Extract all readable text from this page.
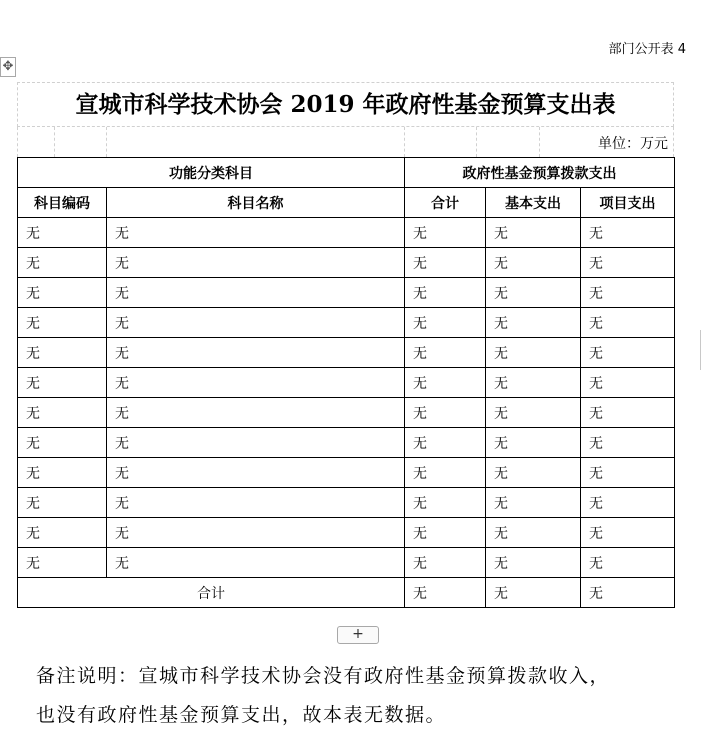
部门公开表 4
✥
宣城市科学技术协会 2019 年政府性基金预算支出表
单位：万元
功能分类科目		政府性基金预算拨款支出		
科目编码	科目名称	合计	基本支出	项目支出
无	无	无	无	无
无	无	无	无	无
无	无	无	无	无
无	无	无	无	无
无	无	无	无	无
无	无	无	无	无
无	无	无	无	无
无	无	无	无	无
无	无	无	无	无
无	无	无	无	无
无	无	无	无	无
无	无	无	无	无
合计		无	无	无
+

备注说明：宣城市科学技术协会没有政府性基金预算拨款收入，

也没有政府性基金预算支出，故本表无数据。
